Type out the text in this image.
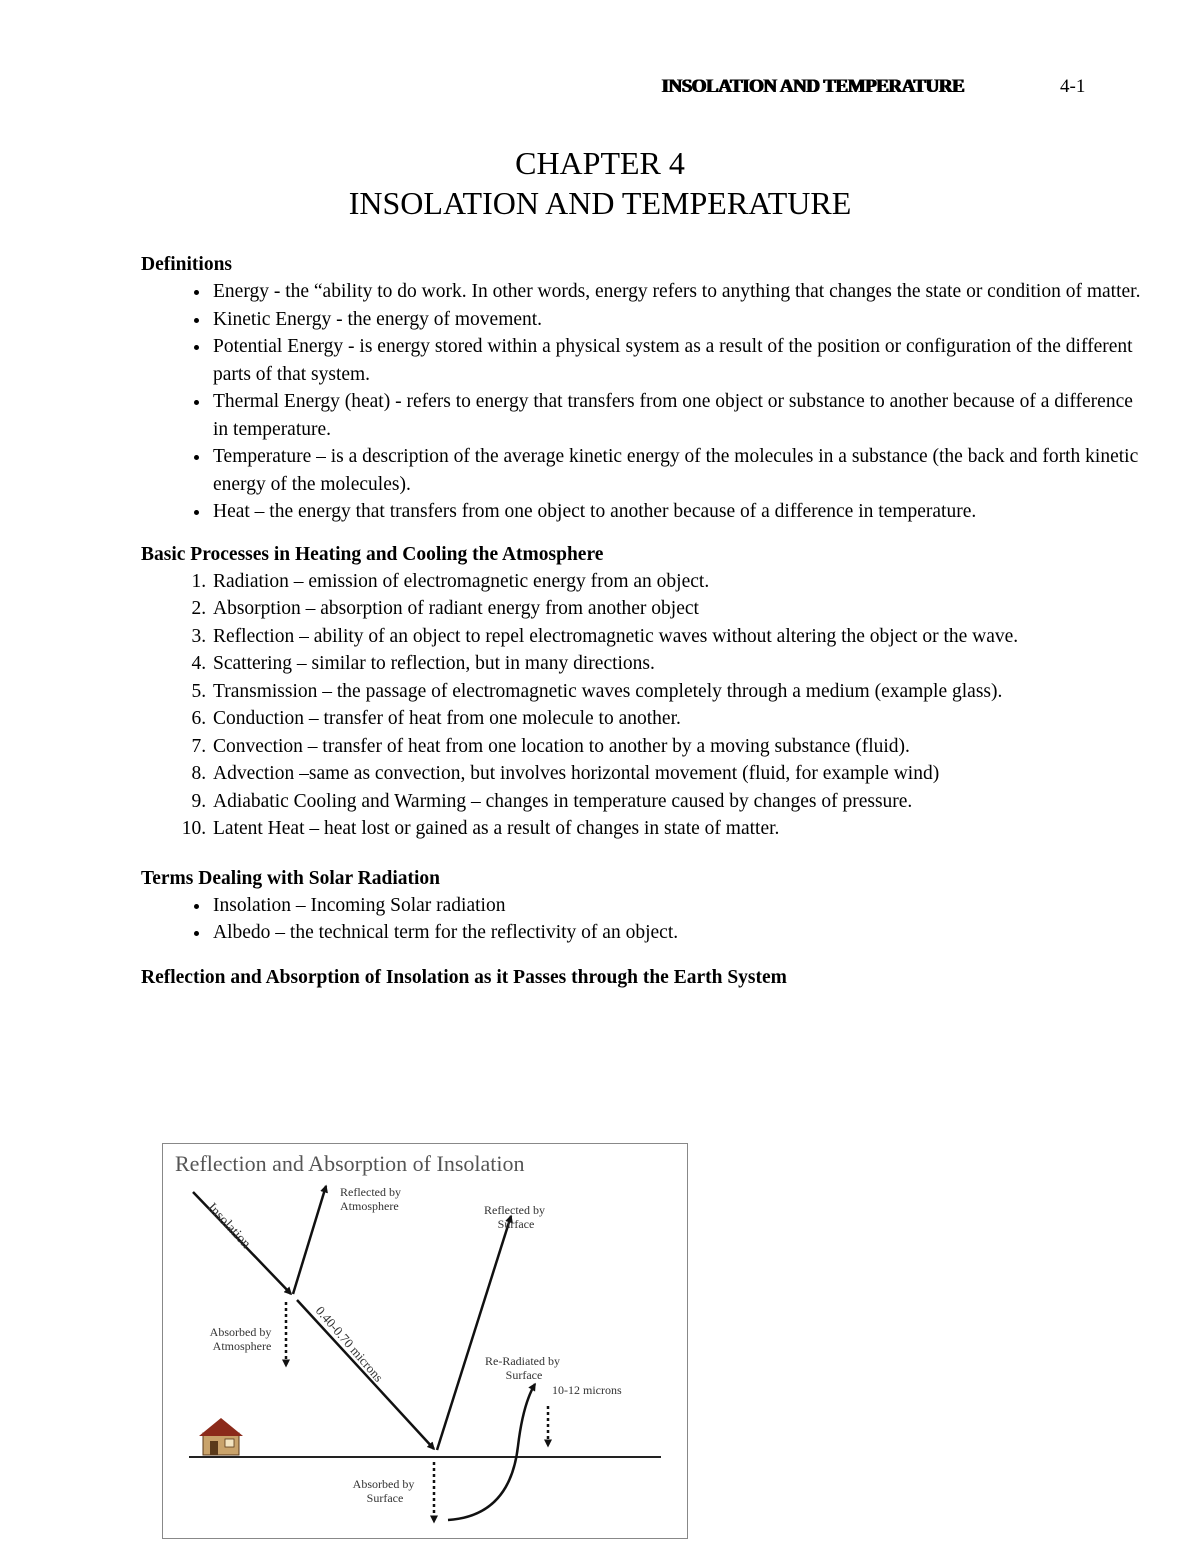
INSOLATION AND TEMPERATURE	4-1
CHAPTER 4
INSOLATION AND TEMPERATURE
Definitions
• Energy - the “ability to do work. In other words, energy refers to anything that changes the state or condition of matter.
• Kinetic Energy - the energy of movement.
• Potential Energy - is energy stored within a physical system as a result of the position or configuration of the different parts of that system.
• Thermal Energy (heat) - refers to energy that transfers from one object or substance to another because of a difference in temperature.
• Temperature – is a description of the average kinetic energy of the molecules in a substance (the back and forth kinetic energy of the molecules).
• Heat – the energy that transfers from one object to another because of a difference in temperature.
Basic Processes in Heating and Cooling the Atmosphere
1. Radiation – emission of electromagnetic energy from an object.
2. Absorption – absorption of radiant energy from another object
3. Reflection – ability of an object to repel electromagnetic waves without altering the object or the wave.
4. Scattering – similar to reflection, but in many directions.
5. Transmission – the passage of electromagnetic waves completely through a medium (example glass).
6. Conduction – transfer of heat from one molecule to another.
7. Convection – transfer of heat from one location to another by a moving substance (fluid).
8. Advection –same as convection, but involves horizontal movement (fluid, for example wind)
9. Adiabatic Cooling and Warming – changes in temperature caused by changes of pressure.
10. Latent Heat – heat lost or gained as a result of changes in state of matter.
Terms Dealing with Solar Radiation
• Insolation – Incoming Solar radiation
• Albedo – the technical term for the reflectivity of an object.
Reflection and Absorption of Insolation as it Passes through the Earth System
Reflection and Absorption of Insolation
Insolation
Reflected by Atmosphere
Absorbed by Atmosphere	0.40-0.70 microns
Reflected by Surface
Absorbed by Surface
Re-Radiated by Surface
10-12 microns
